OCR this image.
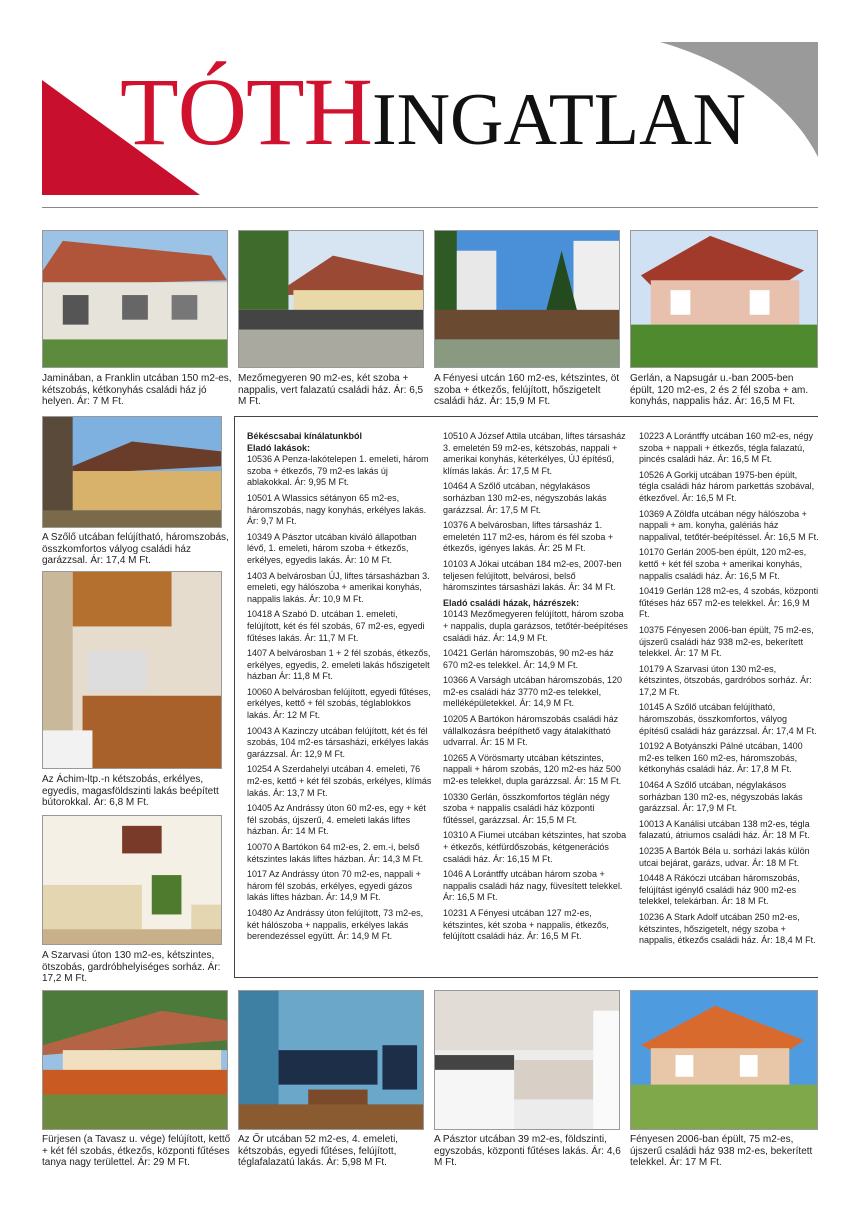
TÓTHINGATLAN
Jaminában, a Franklin utcában 150 m2-es, kétszobás, kétkonyhás családi ház jó helyen. Ár: 7 M Ft.
Mezőmegyeren 90 m2-es, két szoba + nappalis, vert falazatú családi ház. Ár: 6,5 M Ft.
A Fényesi utcán 160 m2-es, kétszintes, öt szoba + étkezős, felújított, hőszigetelt családi ház. Ár: 15,9 M Ft.
Gerlán, a Napsugár u.-ban 2005-ben épült, 120 m2-es, 2 és 2 fél szoba + am. konyhás, nappalis ház. Ár: 16,5 M Ft.
A Szőlő utcában felújítható, háromszobás, összkomfortos vályog családi ház garázzsal. Ár: 17,4 M Ft.
Az Áchim-ltp.-n kétszobás, erkélyes, egyedis, magasföldszinti lakás beépített bútorokkal. Ár: 6,8 M Ft.
A Szarvasi úton 130 m2-es, kétszintes, ötszobás, gardróbhelyiséges sorház. Ár: 17,2 M Ft.

Békéscsabai kínálatunkból

Eladó lakások:

10536 A Penza-lakótelepen 1. emeleti, három szoba + étkezős, 79 m2-es lakás új ablakokkal. Ár: 9,95 M Ft.

10501 A Wlassics sétányon 65 m2-es, háromszobás, nagy konyhás, erkélyes lakás. Ár: 9,7 M Ft.

10349 A Pásztor utcában kiváló állapotban lévő, 1. emeleti, három szoba + étkezős, erkélyes, egyedis lakás. Ár: 10 M Ft.

1403 A belvárosban ÚJ, liftes társasházban 3. emeleti, egy hálószoba + amerikai konyhás, nappalis lakás. Ár: 10,9 M Ft.

10418 A Szabó D. utcában 1. emeleti, felújított, két és fél szobás, 67 m2-es, egyedi fűtéses lakás. Ár: 11,7 M Ft.

1407 A belvárosban 1 + 2 fél szobás, étkezős, erkélyes, egyedis, 2. emeleti lakás hőszigetelt házban Ár: 11,8 M Ft.

10060 A belvárosban felújított, egyedi fűtéses, erkélyes, kettő + fél szobás, téglablokkos lakás. Ár: 12 M Ft.

10043 A Kazinczy utcában felújított, két és fél szobás, 104 m2-es társasházi, erkélyes lakás garázzsal. Ár: 12,9 M Ft.

10254 A Szerdahelyi utcában 4. emeleti, 76 m2-es, kettő + két fél szobás, erkélyes, klímás lakás. Ár: 13,7 M Ft.

10405 Az Andrássy úton 60 m2-es, egy + két fél szobás, újszerű, 4. emeleti lakás liftes házban. Ár: 14 M Ft.

10070 A Bartókon 64 m2-es, 2. em.-i, belső kétszintes lakás liftes házban. Ár: 14,3 M Ft.

1017 Az Andrássy úton 70 m2-es, nappali + három fél szobás, erkélyes, egyedi gázos lakás liftes házban. Ár: 14,9 M Ft.

10480 Az Andrássy úton felújított, 73 m2-es, két hálószoba + nappalis, erkélyes lakás berendezéssel együtt. Ár: 14,9 M Ft.

10510 A József Attila utcában, liftes társasház 3. emeletén 59 m2-es, kétszobás, nappali + amerikai konyhás, kéterkélyes, ÚJ építésű, klímás lakás. Ár: 17,5 M Ft.

10464 A Szőlő utcában, négylakásos sorházban 130 m2-es, négyszobás lakás garázzsal. Ár: 17,5 M Ft.

10376 A belvárosban, liftes társasház 1. emeletén 117 m2-es, három és fél szoba + étkezős, igényes lakás. Ár: 25 M Ft.

10103 A Jókai utcában 184 m2-es, 2007-ben teljesen felújított, belvárosi, belső háromszintes társasházi lakás. Ár: 34 M Ft.

Eladó családi házak, házrészek:

10143 Mezőmegyeren felújított, három szoba + nappalis, dupla garázsos, tetőtér-beépítéses családi ház. Ár: 14,9 M Ft.

10421 Gerlán háromszobás, 90 m2-es ház 670 m2-es telekkel. Ár: 14,9 M Ft.

10366 A Varságh utcában háromszobás, 120 m2-es családi ház 3770 m2-es telekkel, melléképületekkel. Ár: 14,9 M Ft.

10205 A Bartókon háromszobás családi ház vállalkozásra beépíthető vagy átalakítható udvarral. Ár: 15 M Ft.

10265 A Vörösmarty utcában kétszintes, nappali + három szobás, 120 m2-es ház 500 m2-es telekkel, dupla garázzsal. Ár: 15 M Ft.

10330 Gerlán, összkomfortos téglán négy szoba + nappalis családi ház központi fűtéssel, garázzsal. Ár: 15,5 M Ft.

10310 A Fiumei utcában kétszintes, hat szoba + étkezős, kétfürdőszobás, kétgenerációs családi ház. Ár: 16,15 M Ft.

1046 A Lorántffy utcában három szoba + nappalis családi ház nagy, füvesített telekkel. Ár: 16,5 M Ft.

10231 A Fényesi utcában 127 m2-es, kétszintes, két szoba + nappalis, étkezős, felújított családi ház. Ár: 16,5 M Ft.

10223 A Lorántffy utcában 160 m2-es, négy szoba + nappali + étkezős, tégla falazatú, pincés családi ház. Ár: 16,5 M Ft.

10526 A Gorkij utcában 1975-ben épült, tégla családi ház három parkettás szobával, étkezővel. Ár: 16,5 M Ft.

10369 A Zöldfa utcában négy hálószoba + nappali + am. konyha, galériás ház nappalival, tetőtér-beépítéssel. Ár: 16,5 M Ft.

10170 Gerlán 2005-ben épült, 120 m2-es, kettő + két fél szoba + amerikai konyhás, nappalis családi ház. Ár: 16,5 M Ft.

10419 Gerlán 128 m2-es, 4 szobás, központi fűtéses ház 657 m2-es telekkel. Ár: 16,9 M Ft.

10375 Fényesen 2006-ban épült, 75 m2-es, újszerű családi ház 938 m2-es, bekerített telekkel. Ár: 17 M Ft.

10179 A Szarvasi úton 130 m2-es, kétszintes, ötszobás, gardróbos sorház. Ár: 17,2 M Ft.

10145 A Szőlő utcában felújítható, háromszobás, összkomfortos, vályog építésű családi ház garázzsal. Ár: 17,4 M Ft.

10192 A Botyánszki Pálné utcában, 1400 m2-es telken 160 m2-es, háromszobás, kétkonyhás családi ház. Ár: 17,8 M Ft.

10464 A Szőlő utcában, négylakásos sorházban 130 m2-es, négyszobás lakás garázzsal. Ár: 17,9 M Ft.

10013 A Kanálisi utcában 138 m2-es, tégla falazatú, átriumos családi ház. Ár: 18 M Ft.

10235 A Bartók Béla u. sorházi lakás külön utcai bejárat, garázs, udvar. Ár: 18 M Ft.

10448 A Rákóczi utcában háromszobás, felújítást igénylő családi ház 900 m2-es telekkel, telekárban. Ár: 18 M Ft.

10236 A Stark Adolf utcában 250 m2-es, kétszintes, hőszigetelt, négy szoba + nappalis, étkezős családi ház. Ár: 18,4 M Ft.

Fürjesen (a Tavasz u. vége) felújított, kettő + két fél szobás, étkezős, központi fűtéses tanya nagy területtel. Ár: 29 M Ft.
Az Őr utcában 52 m2-es, 4. emeleti, kétszobás, egyedi fűtéses, felújított, téglafalazatú lakás. Ár: 5,98 M Ft.
A Pásztor utcában 39 m2-es, földszinti, egyszobás, központi fűtéses lakás. Ár: 4,6 M Ft.
Fényesen 2006-ban épült, 75 m2-es, újszerű családi ház 938 m2-es, bekerített telekkel. Ár: 17 M Ft.
